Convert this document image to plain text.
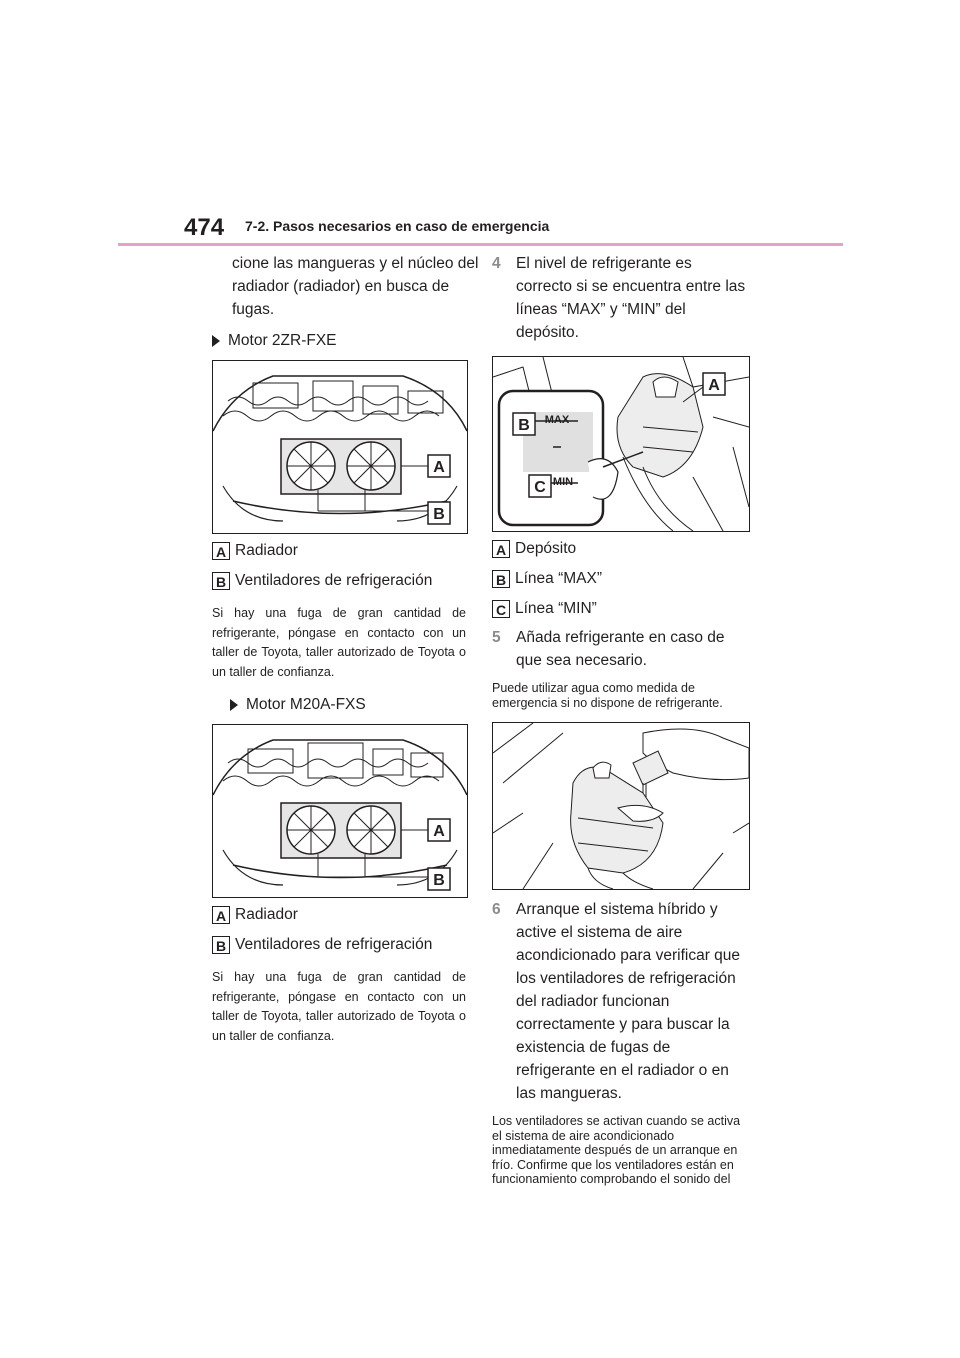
474 7-2. Pasos necesarios en caso de emergencia

cione las mangueras y el núcleo del radiador (radiador) en busca de fugas.

Motor 2ZR-FXE
A
B
A Radiador
B Ventiladores de refrigeración

Si hay una fuga de gran cantidad de refrigerante, póngase en contacto con un taller de Toyota, taller autorizado de Toyota o un taller de confianza.

Motor M20A-FXS
A
B
A Radiador
B Ventiladores de refrigeración

Si hay una fuga de gran cantidad de refrigerante, póngase en contacto con un taller de Toyota, taller autorizado de Toyota o un taller de confianza.

4 El nivel de refrigerante es correcto si se encuentra entre las líneas “MAX” y “MIN” del depósito.
MAX
MIN
A
B
C
A Depósito
B Línea “MAX”
C Línea “MIN”
5 Añada refrigerante en caso de que sea necesario.

Puede utilizar agua como medida de emergencia si no dispone de refrigerante.

6 Arranque el sistema híbrido y active el sistema de aire acondicionado para verificar que los ventiladores de refrigeración del radiador funcionan correctamente y para buscar la existencia de fugas de refrigerante en el radiador o en las mangueras.

Los ventiladores se activan cuando se activa el sistema de aire acondicionado inmediatamente después de un arranque en frío. Confirme que los ventiladores están en funcionamiento comprobando el sonido del
